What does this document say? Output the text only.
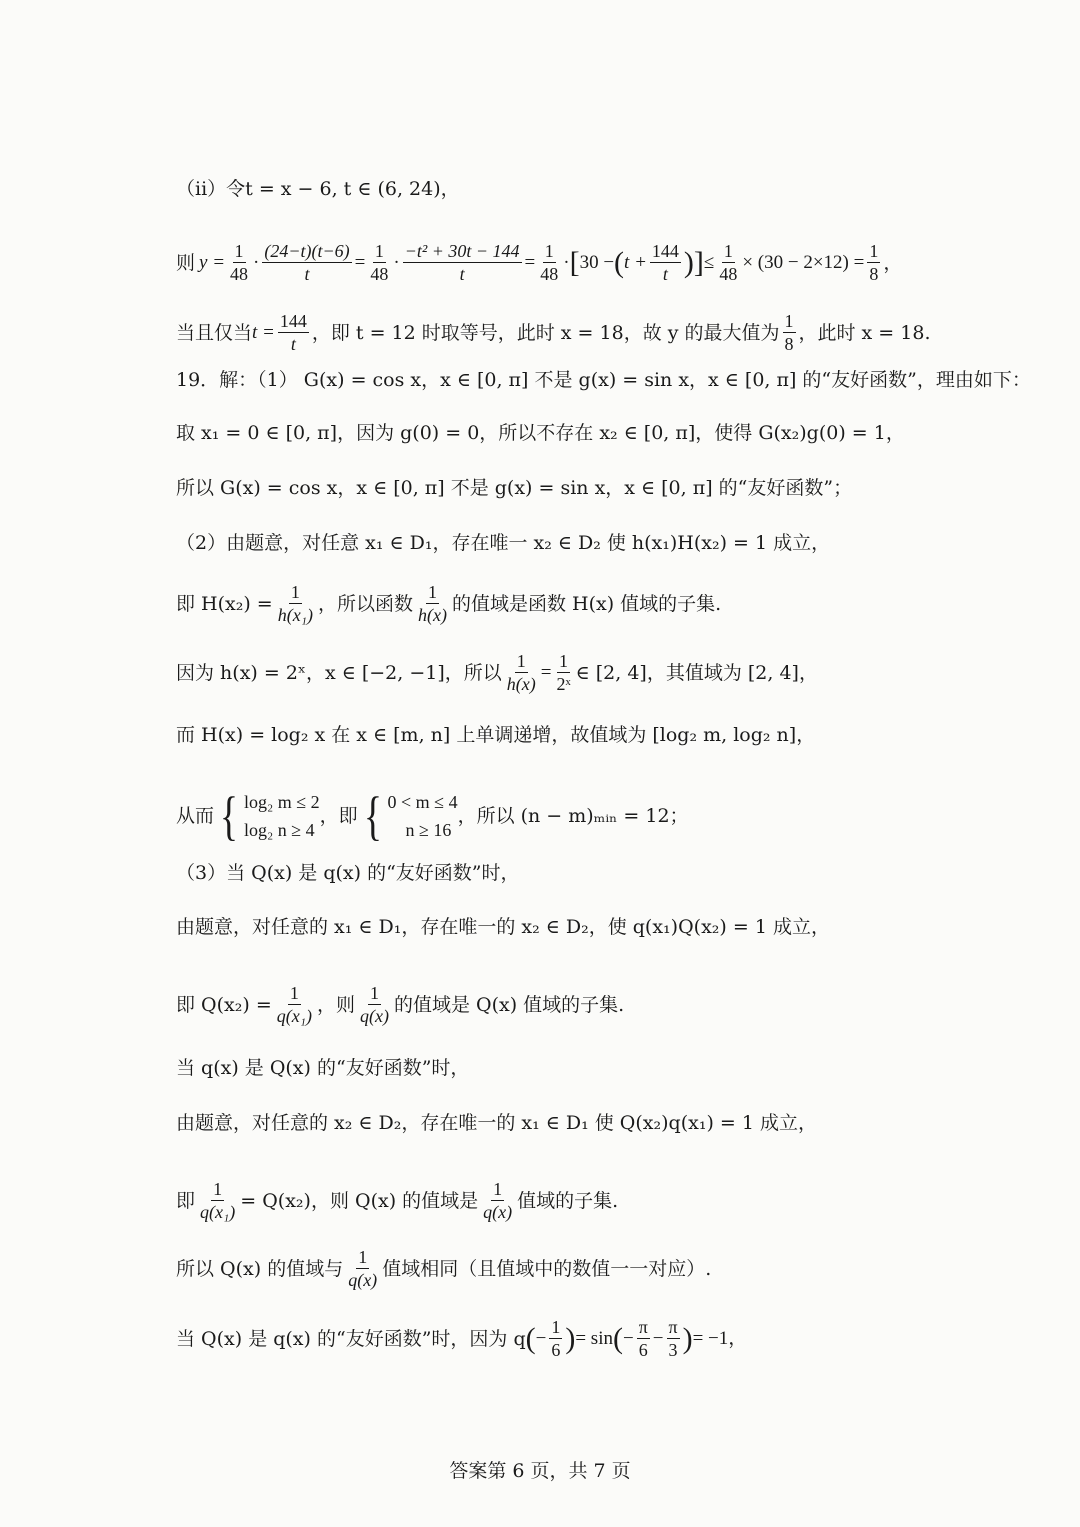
（ii）令t = x − 6, t ∈ (6, 24)，
则 $y = \frac{1}{48} \cdot \frac{(24-t)(t-6)}{t} = \frac{1}{48} \cdot \frac{\text{−t² + 30t − 144}}{t} = \frac{1}{48}$ · [ 30 − ( $t + \frac{144}{t}$ )] ≤ $\frac{1}{48} \times (30 - 2\times 12) = \frac{1}{8}$ ，
当且仅当 $t = \frac{144}{t}$ ，即 t = 12 时取等号，此时 x = 18，故 y 的最大值为 $\frac{1}{8}$ ，此时 x = 18.
19．解：（1） G(x) = cos x，x ∈ [0, π] 不是 g(x) = sin x，x ∈ [0, π] 的“友好函数”，理由如下：
取 x₁ = 0 ∈ [0, π]，因为 g(0) = 0，所以不存在 x₂ ∈ [0, π]，使得 G(x₂)g(0) = 1，
所以 G(x) = cos x，x ∈ [0, π] 不是 g(x) = sin x，x ∈ [0, π] 的“友好函数”；
（2）由题意，对任意 x₁ ∈ D₁，存在唯一 x₂ ∈ D₂ 使 h(x₁)H(x₂) = 1 成立，
即 $H(x_2) = \frac{1}{\text{h(x₁)}}$ ，所以函数 $\frac{1}{h(x)}$ 的值域是函数 H(x) 值域的子集.
因为 h(x) = 2ˣ，x ∈ [−2, −1]，所以 $\frac{1}{h(x)} = \frac{1}{\text{2ˣ}}$ ∈ [2, 4]，其值域为 [2, 4]，
而 H(x) = log₂ x 在 x ∈ [m, n] 上单调递增，故值域为 [log₂ m, log₂ n]，
从而 { log₂ m ≤ 2
log₂ n ≥ 4
，即 { 0 < m ≤ 4
n ≥ 16
，所以 (n − m)ₘᵢₙ = 12；
（3）当 Q(x) 是 q(x) 的“友好函数”时，
由题意，对任意的 x₁ ∈ D₁，存在唯一的 x₂ ∈ D₂，使 q(x₁)Q(x₂) = 1 成立，
即 $Q(x_2) = \frac{1}{\text{q(x₁)}}$ ，则 $\frac{1}{q(x)}$ 的值域是 Q(x) 值域的子集.
当 q(x) 是 Q(x) 的“友好函数”时，
由题意，对任意的 x₂ ∈ D₂，存在唯一的 x₁ ∈ D₁ 使 Q(x₂)q(x₁) = 1 成立，
即 $\frac{1}{\text{q(x₁)}} = Q(x_2)$，则 Q(x) 的值域是 $\frac{1}{q(x)}$ 值域的子集.
所以 Q(x) 的值域与 $\frac{1}{q(x)}$ 值域相同（且值域中的数值一一对应）.
当 Q(x) 是 q(x) 的“友好函数”时，因为 q ( − $\frac{1}{6}$ ) = sin ( − $\frac{\pi}{6} - \frac{\pi}{3}$ ) = −1，
答案第 6 页，共 7 页
